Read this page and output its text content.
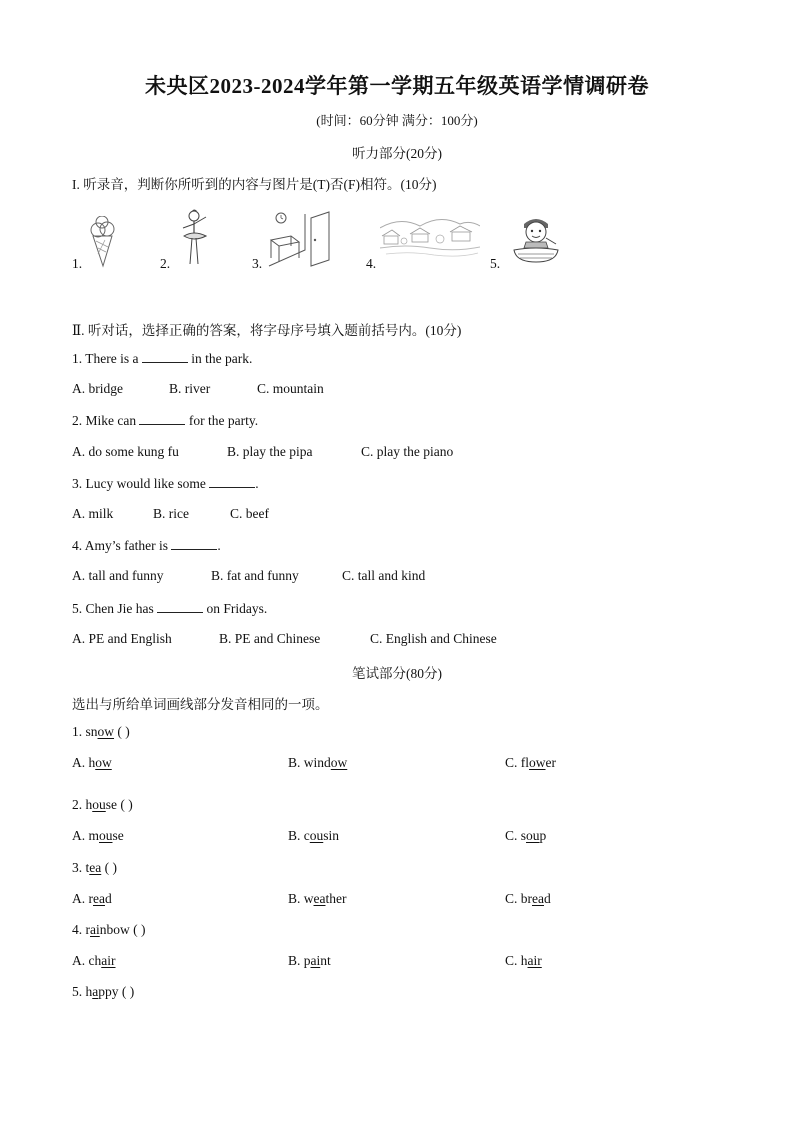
未央区2023-2024学年第一学期五年级英语学情调研卷
(时间：60分钟 满分：100分)
听力部分(20分)
I. 听录音，判断你所听到的内容与图片是(T)否(F)相符。(10分)
1.	2.	3.	4.	5.
Ⅱ. 听对话，选择正确的答案，将字母序号填入题前括号内。(10分)
1. There is a	in the park.
A. bridge	B. river	C. mountain
2. Mike can	for the party.
A. do some kung fu	B. play the pipa	C. play the piano
3. Lucy would like some	.
A. milk	B. rice	C. beef
4. Amy’s father is	.
A. tall and funny	B. fat and funny	C. tall and kind
5. Chen Jie has	on Fridays.
A. PE and English	B. PE and Chinese	C. English and Chinese
笔试部分(80分)
选出与所给单词画线部分发音相同的一项。
1. snow ( )
A. how	B. window	C. flower
2. house ( )
A. mouse	B. cousin	C. soup
3. tea ( )
A. read	B. weather	C. bread
4. rainbow ( )
A. chair	B. paint	C. hair
5. happy ( )
